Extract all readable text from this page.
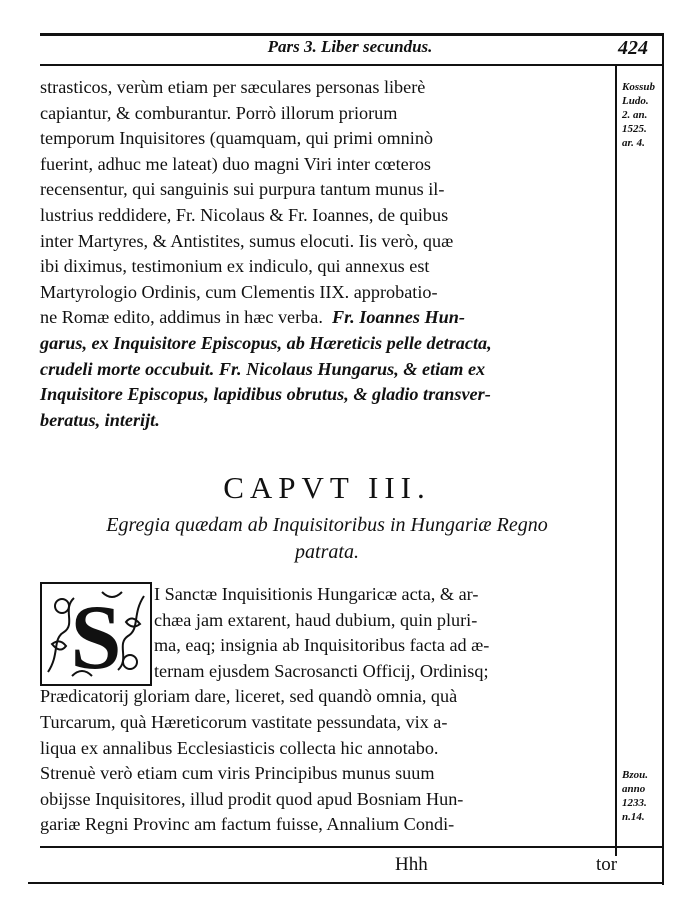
Pars 3. Liber secundus.	424

strasticos, verùm etiam per sæculares personas liberè
capiantur, & comburantur. Porrò illorum priorum
temporum Inquisitores (quamquam, qui primi omninò
fuerint, adhuc me lateat) duo magni Viri inter cœteros
recensentur, qui sanguinis sui purpura tantum munus il-
lustrius reddidere, Fr. Nicolaus & Fr. Ioannes, de quibus
inter Martyres, & Antistites, sumus elocuti. Iis verò, quæ
ibi diximus, testimonium ex indiculo, qui annexus est
Martyrologio Ordinis, cum Clementis IIX. approbatio-
ne Romæ edito, addimus in hæc verba. Fr. Ioannes Hun-
garus, ex Inquisitore Episcopus, ab Hæreticis pelle detracta,
crudeli morte occubuit. Fr. Nicolaus Hungarus, & etiam ex
Inquisitore Episcopus, lapidibus obrutus, & gladio transver-
beratus, interijt.

Kossub
Ludo.
2. an.
1525.
ar. 4.
CAPVT III.
Egregia quædam ab Inquisitoribus in Hungariæ Regno
patrata.
S	I Sanctæ Inquisitionis Hungaricæ acta, & ar-
chæa jam extarent, haud dubium, quin pluri-
ma, eaq; insignia ab Inquisitoribus facta ad æ-
ternam ejusdem Sacrosancti Officij, Ordinisq;
Prædicatorij gloriam dare, liceret, sed quandò omnia, quà
Turcarum, quà Hæreticorum vastitate pessundata, vix a-
liqua ex annalibus Ecclesiasticis collecta hic annotabo.
Strenuè verò etiam cum viris Principibus munus suum
obijsse Inquisitores, illud prodit quod apud Bosniam Hun-
gariæ Regni Provinc am factum fuisse, Annalium Condi-
Bzou.
anno
1233.
n.14.
Hhh	tor
